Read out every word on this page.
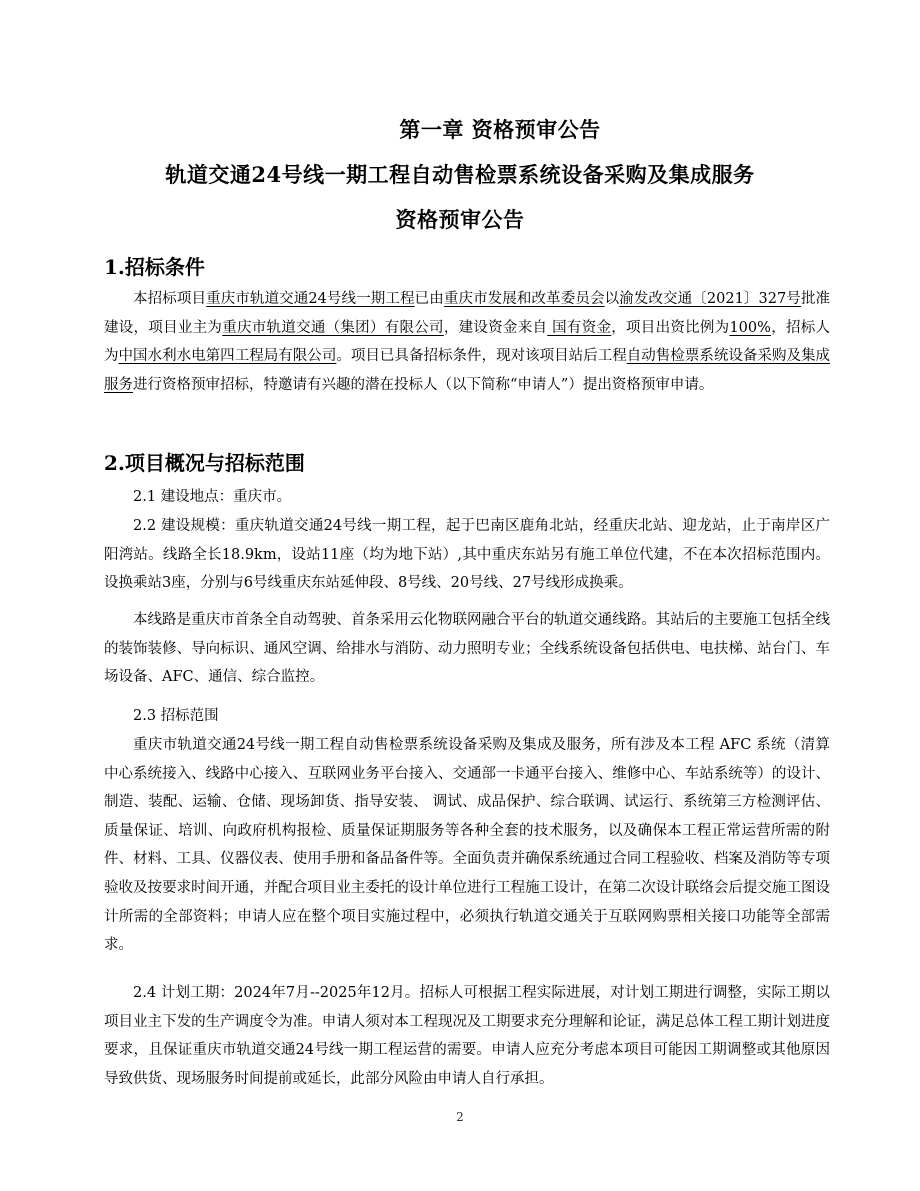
第一章 资格预审公告
轨道交通24号线一期工程自动售检票系统设备采购及集成服务
资格预审公告
1.招标条件

本招标项目重庆市轨道交通24号线一期工程已由重庆市发展和改革委员会以渝发改交通〔2021〕327号批准建设，项目业主为重庆市轨道交通（集团）有限公司，建设资金来自 国有资金，项目出资比例为100%，招标人为中国水利水电第四工程局有限公司。项目已具备招标条件，现对该项目站后工程自动售检票系统设备采购及集成服务进行资格预审招标，特邀请有兴趣的潜在投标人（以下简称“申请人”）提出资格预审申请。

2.项目概况与招标范围

2.1 建设地点：重庆市。

2.2 建设规模：重庆轨道交通24号线一期工程，起于巴南区鹿角北站，经重庆北站、迎龙站，止于南岸区广阳湾站。线路全长18.9km，设站11座（均为地下站）,其中重庆东站另有施工单位代建，不在本次招标范围内。设换乘站3座，分别与6号线重庆东站延伸段、8号线、20号线、27号线形成换乘。

本线路是重庆市首条全自动驾驶、首条采用云化物联网融合平台的轨道交通线路。其站后的主要施工包括全线的装饰装修、导向标识、通风空调、给排水与消防、动力照明专业；全线系统设备包括供电、电扶梯、站台门、车场设备、AFC、通信、综合监控。

2.3 招标范围

重庆市轨道交通24号线一期工程自动售检票系统设备采购及集成及服务，所有涉及本工程 AFC 系统（清算中心系统接入、线路中心接入、互联网业务平台接入、交通部一卡通平台接入、维修中心、车站系统等）的设计、制造、装配、运输、仓储、现场卸货、指导安装、 调试、成品保护、综合联调、试运行、系统第三方检测评估、质量保证、培训、向政府机构报检、质量保证期服务等各种全套的技术服务，以及确保本工程正常运营所需的附件、材料、工具、仪器仪表、使用手册和备品备件等。全面负责并确保系统通过合同工程验收、档案及消防等专项验收及按要求时间开通，并配合项目业主委托的设计单位进行工程施工设计，在第二次设计联络会后提交施工图设计所需的全部资料；申请人应在整个项目实施过程中，必须执行轨道交通关于互联网购票相关接口功能等全部需求。

2.4 计划工期：2024年7月--2025年12月。招标人可根据工程实际进展，对计划工期进行调整，实际工期以项目业主下发的生产调度令为准。申请人须对本工程现况及工期要求充分理解和论证，满足总体工程工期计划进度要求，且保证重庆市轨道交通24号线一期工程运营的需要。申请人应充分考虑本项目可能因工期调整或其他原因导致供货、现场服务时间提前或延长，此部分风险由申请人自行承担。

2
